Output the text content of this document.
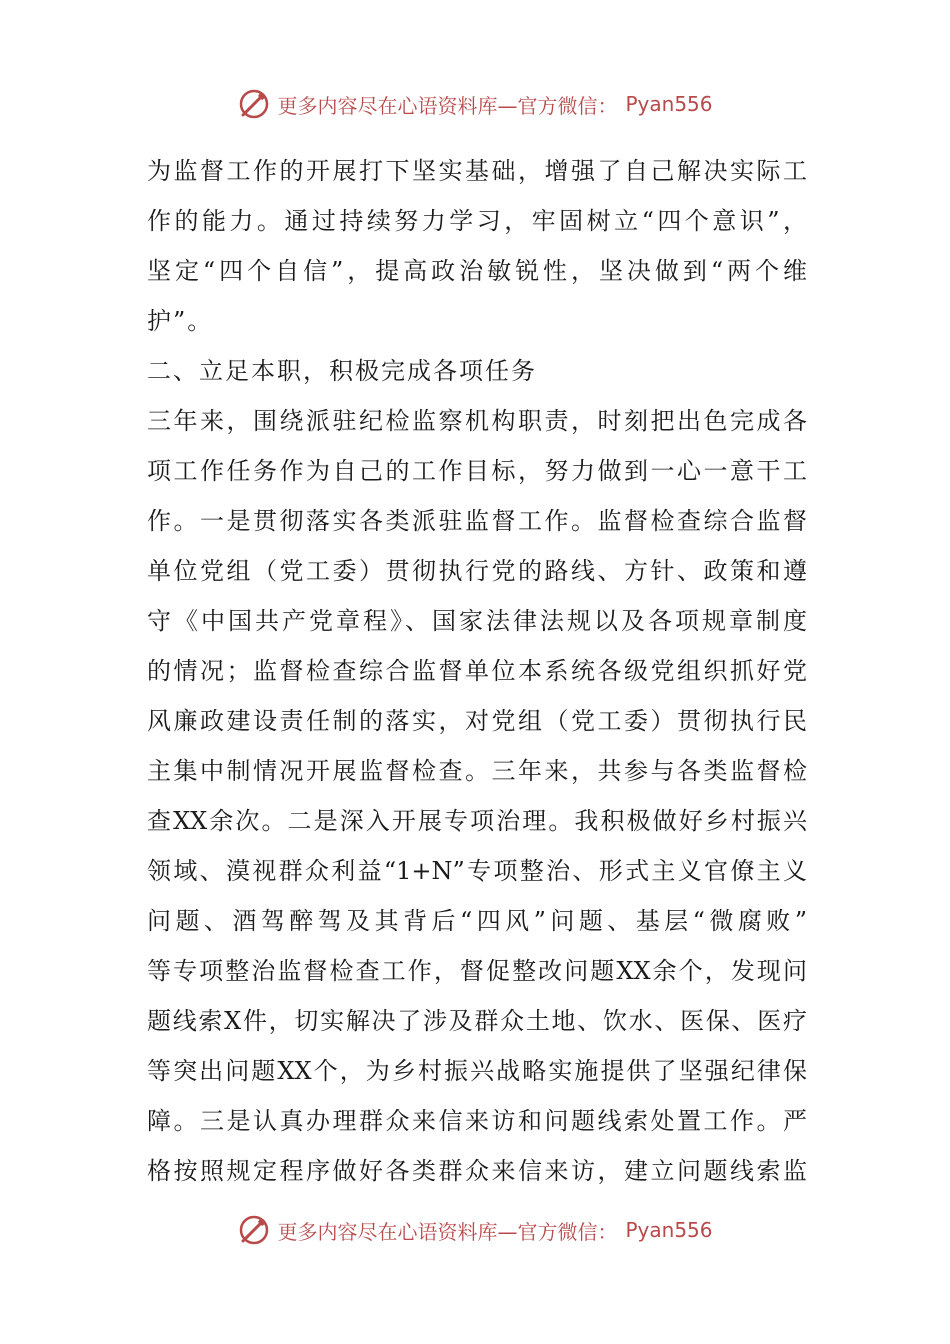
更多内容尽在心语资料库—官方微信： Pyan556
为监督工作的开展打下坚实基础，增强了自己解决实际工
作的能力。通过持续努力学习，牢固树立“四个意识”，
坚定“四个自信”，提高政治敏锐性，坚决做到“两个维
护”。
二、立足本职，积极完成各项任务
三年来，围绕派驻纪检监察机构职责，时刻把出色完成各
项工作任务作为自己的工作目标，努力做到一心一意干工
作。一是贯彻落实各类派驻监督工作。监督检查综合监督
单位党组（党工委）贯彻执行党的路线、方针、政策和遵
守《中国共产党章程》、国家法律法规以及各项规章制度
的情况；监督检查综合监督单位本系统各级党组织抓好党
风廉政建设责任制的落实，对党组（党工委）贯彻执行民
主集中制情况开展监督检查。三年来，共参与各类监督检
查XX余次。二是深入开展专项治理。我积极做好乡村振兴
领域、漠视群众利益“1+N”专项整治、形式主义官僚主义
问题、酒驾醉驾及其背后“四风”问题、基层“微腐败”
等专项整治监督检查工作，督促整改问题XX余个，发现问
题线索X件，切实解决了涉及群众土地、饮水、医保、医疗
等突出问题XX个，为乡村振兴战略实施提供了坚强纪律保
障。三是认真办理群众来信来访和问题线索处置工作。严
格按照规定程序做好各类群众来信来访，建立问题线索监
更多内容尽在心语资料库—官方微信： Pyan556
